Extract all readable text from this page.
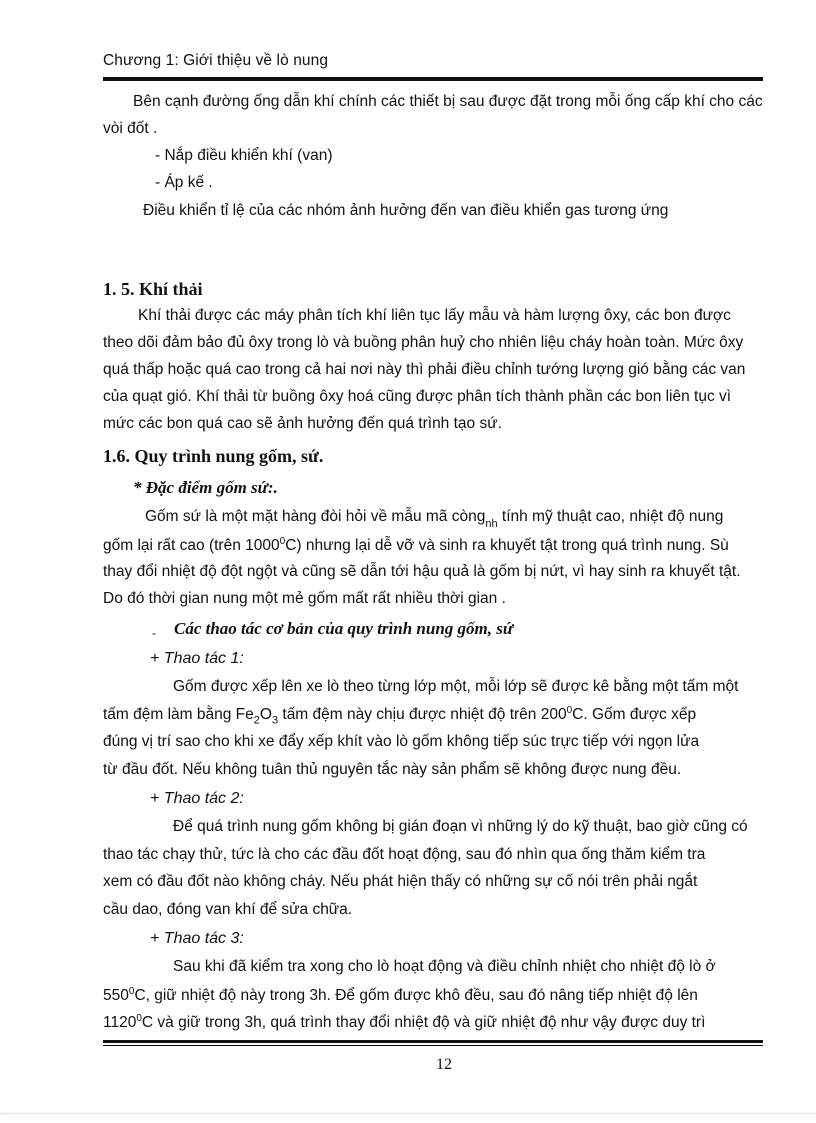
Chương 1: Giới thiệu về lò nung
Bên cạnh đường ống dẫn khí chính các thiết bị sau được đặt trong mỗi ống cấp khí cho các
vòi đốt .
- Nắp điều khiển khí (van)
- Áp kế .
Điều khiển tỉ lệ của các nhóm ảnh hưởng đến van điều khiển gas tương ứng
1. 5. Khí thải
Khí thải được các máy phân tích khí liên tục lấy mẫu và hàm lượng ôxy, các bon được
theo dõi đảm bảo đủ ôxy trong lò và buồng phân huỷ cho nhiên liệu cháy hoàn toàn. Mức ôxy
quá thấp hoặc quá cao trong cả hai nơi này thì phải điều chỉnh tướng lượng gió bằng các van
của quạt gió. Khí thải từ buồng ôxy hoá cũng được phân tích thành phần các bon liên tục vì
mức các bon quá cao sẽ ảnh hưởng đến quá trình tạo sứ.
1.6. Quy trình nung gốm, sứ.
* Đặc điểm gốm sứ:.
Gốm sứ là một mặt hàng đòi hỏi về mẫu mã còng$_{nh}$ tính mỹ thuật cao, nhiệt độ nung
gốm lại rất cao (trên 1000$^0$C) nhưng lại dễ vỡ và sinh ra khuyết tật trong quá trình nung. Sù
thay đổi nhiệt độ đột ngột và cũng sẽ dẫn tới hậu quả là gốm bị nứt, vì hay sinh ra khuyết tật.
Do đó thời gian nung một mẻ gốm mất rất nhiều thời gian .
- Các thao tác cơ bản của quy trình nung gốm, sứ
+ Thao tác 1:
Gốm được xếp lên xe lò theo từng lớp một, mỗi lớp sẽ được kê bằng một tấm một
tấm đệm làm bằng $Fe_2O_3$ tấm đệm này chịu được nhiệt độ trên $200^0C$. Gốm được xếp
đúng vị trí sao cho khi xe đẩy xếp khít vào lò gốm không tiếp súc trực tiếp với ngọn lửa
từ đầu đốt. Nếu không tuân thủ nguyên tắc này sản phẩm sẽ không được nung đều.
+ Thao tác 2:
Để quá trình nung gốm không bị gián đoạn vì những lý do kỹ thuật, bao giờ cũng có
thao tác chạy thử, tức là cho các đầu đốt hoạt động, sau đó nhìn qua ống thăm kiểm tra
xem có đầu đốt nào không cháy. Nếu phát hiện thấy có những sự cố nói trên phải ngắt
cầu dao, đóng van khí để sửa chữa.
+ Thao tác 3:
Sau khi đã kiểm tra xong cho lò hoạt động và điều chỉnh nhiệt cho nhiệt độ lò ở
$550^0C$, giữ nhiệt độ này trong 3h. Để gốm được khô đều, sau đó nâng tiếp nhiệt độ lên
1120$^0$C và giữ trong 3h, quá trình thay đổi nhiệt độ và giữ nhiệt độ như vậy được duy trì
12
